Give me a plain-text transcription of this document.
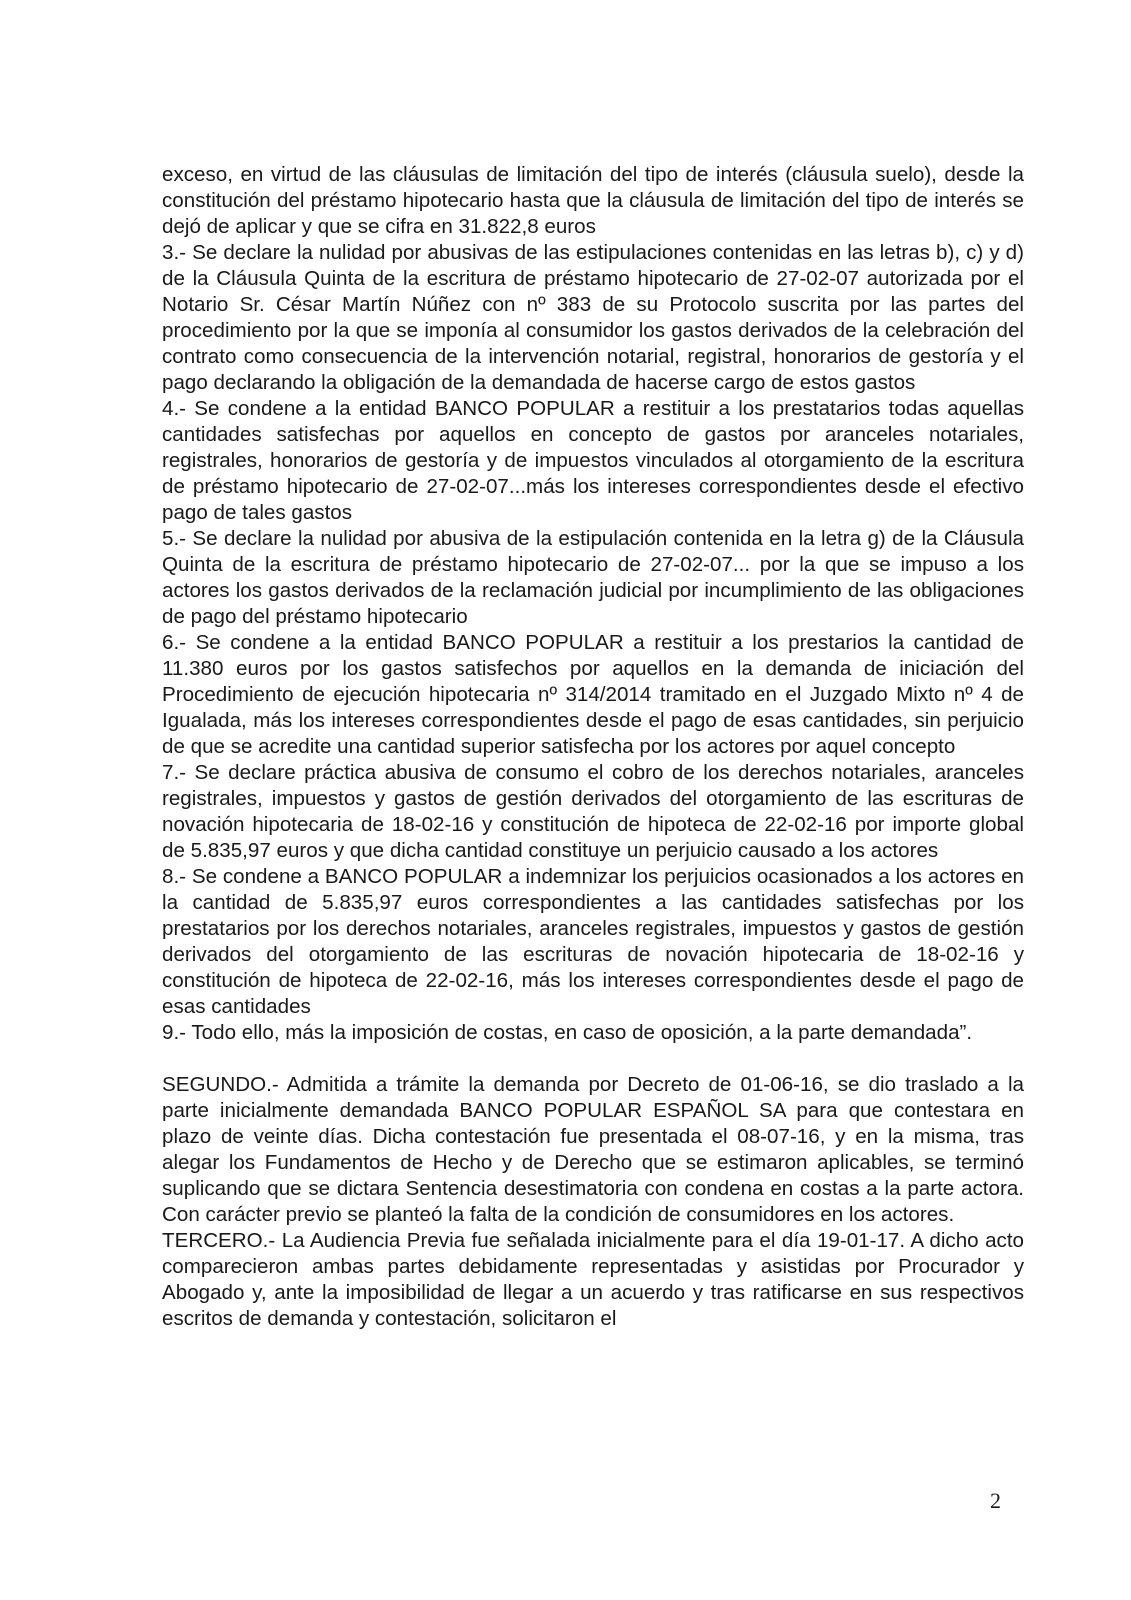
exceso, en virtud de las cláusulas de limitación del tipo de interés (cláusula suelo), desde la constitución del préstamo hipotecario hasta que la cláusula de limitación del tipo de interés se dejó de aplicar y que se cifra en 31.822,8 euros

3.- Se declare la nulidad por abusivas de las estipulaciones contenidas en las letras b), c) y d) de la Cláusula Quinta de la escritura de préstamo hipotecario de 27-02-07 autorizada por el Notario Sr. César Martín Núñez con nº 383 de su Protocolo suscrita por las partes del procedimiento por la que se imponía al consumidor los gastos derivados de la celebración del contrato como consecuencia de la intervención notarial, registral, honorarios de gestoría y el pago declarando la obligación de la demandada de hacerse cargo de estos gastos

4.- Se condene a la entidad BANCO POPULAR a restituir a los prestatarios todas aquellas cantidades satisfechas por aquellos en concepto de gastos por aranceles notariales, registrales, honorarios de gestoría y de impuestos vinculados al otorgamiento de la escritura de préstamo hipotecario de 27-02-07...más los intereses correspondientes desde el efectivo pago de tales gastos

5.- Se declare la nulidad por abusiva de la estipulación contenida en la letra g) de la Cláusula Quinta de la escritura de préstamo hipotecario de 27-02-07... por la que se impuso a los actores los gastos derivados de la reclamación judicial por incumplimiento de las obligaciones de pago del préstamo hipotecario

6.- Se condene a la entidad BANCO POPULAR a restituir a los prestarios la cantidad de 11.380 euros por los gastos satisfechos por aquellos en la demanda de iniciación del Procedimiento de ejecución hipotecaria nº 314/2014 tramitado en el Juzgado Mixto nº 4 de Igualada, más los intereses correspondientes desde el pago de esas cantidades, sin perjuicio de que se acredite una cantidad superior satisfecha por los actores por aquel concepto

7.- Se declare práctica abusiva de consumo el cobro de los derechos notariales, aranceles registrales, impuestos y gastos de gestión derivados del otorgamiento de las escrituras de novación hipotecaria de 18-02-16 y constitución de hipoteca de 22-02-16 por importe global de 5.835,97 euros y que dicha cantidad constituye un perjuicio causado a los actores

8.- Se condene a BANCO POPULAR a indemnizar los perjuicios ocasionados a los actores en la cantidad de 5.835,97 euros correspondientes a las cantidades satisfechas por los prestatarios por los derechos notariales, aranceles registrales, impuestos y gastos de gestión derivados del otorgamiento de las escrituras de novación hipotecaria de 18-02-16 y constitución de hipoteca de 22-02-16, más los intereses correspondientes desde el pago de esas cantidades

9.- Todo ello, más la imposición de costas, en caso de oposición, a la parte demandada”.

SEGUNDO.- Admitida a trámite la demanda por Decreto de 01-06-16, se dio traslado a la parte inicialmente demandada BANCO POPULAR ESPAÑOL SA para que contestara en plazo de veinte días. Dicha contestación fue presentada el 08-07-16, y en la misma, tras alegar los Fundamentos de Hecho y de Derecho que se estimaron aplicables, se terminó suplicando que se dictara Sentencia desestimatoria con condena en costas a la parte actora. Con carácter previo se planteó la falta de la condición de consumidores en los actores.

TERCERO.- La Audiencia Previa fue señalada inicialmente para el día 19-01-17. A dicho acto comparecieron ambas partes debidamente representadas y asistidas por Procurador y Abogado y, ante la imposibilidad de llegar a un acuerdo y tras ratificarse en sus respectivos escritos de demanda y contestación, solicitaron el

2
